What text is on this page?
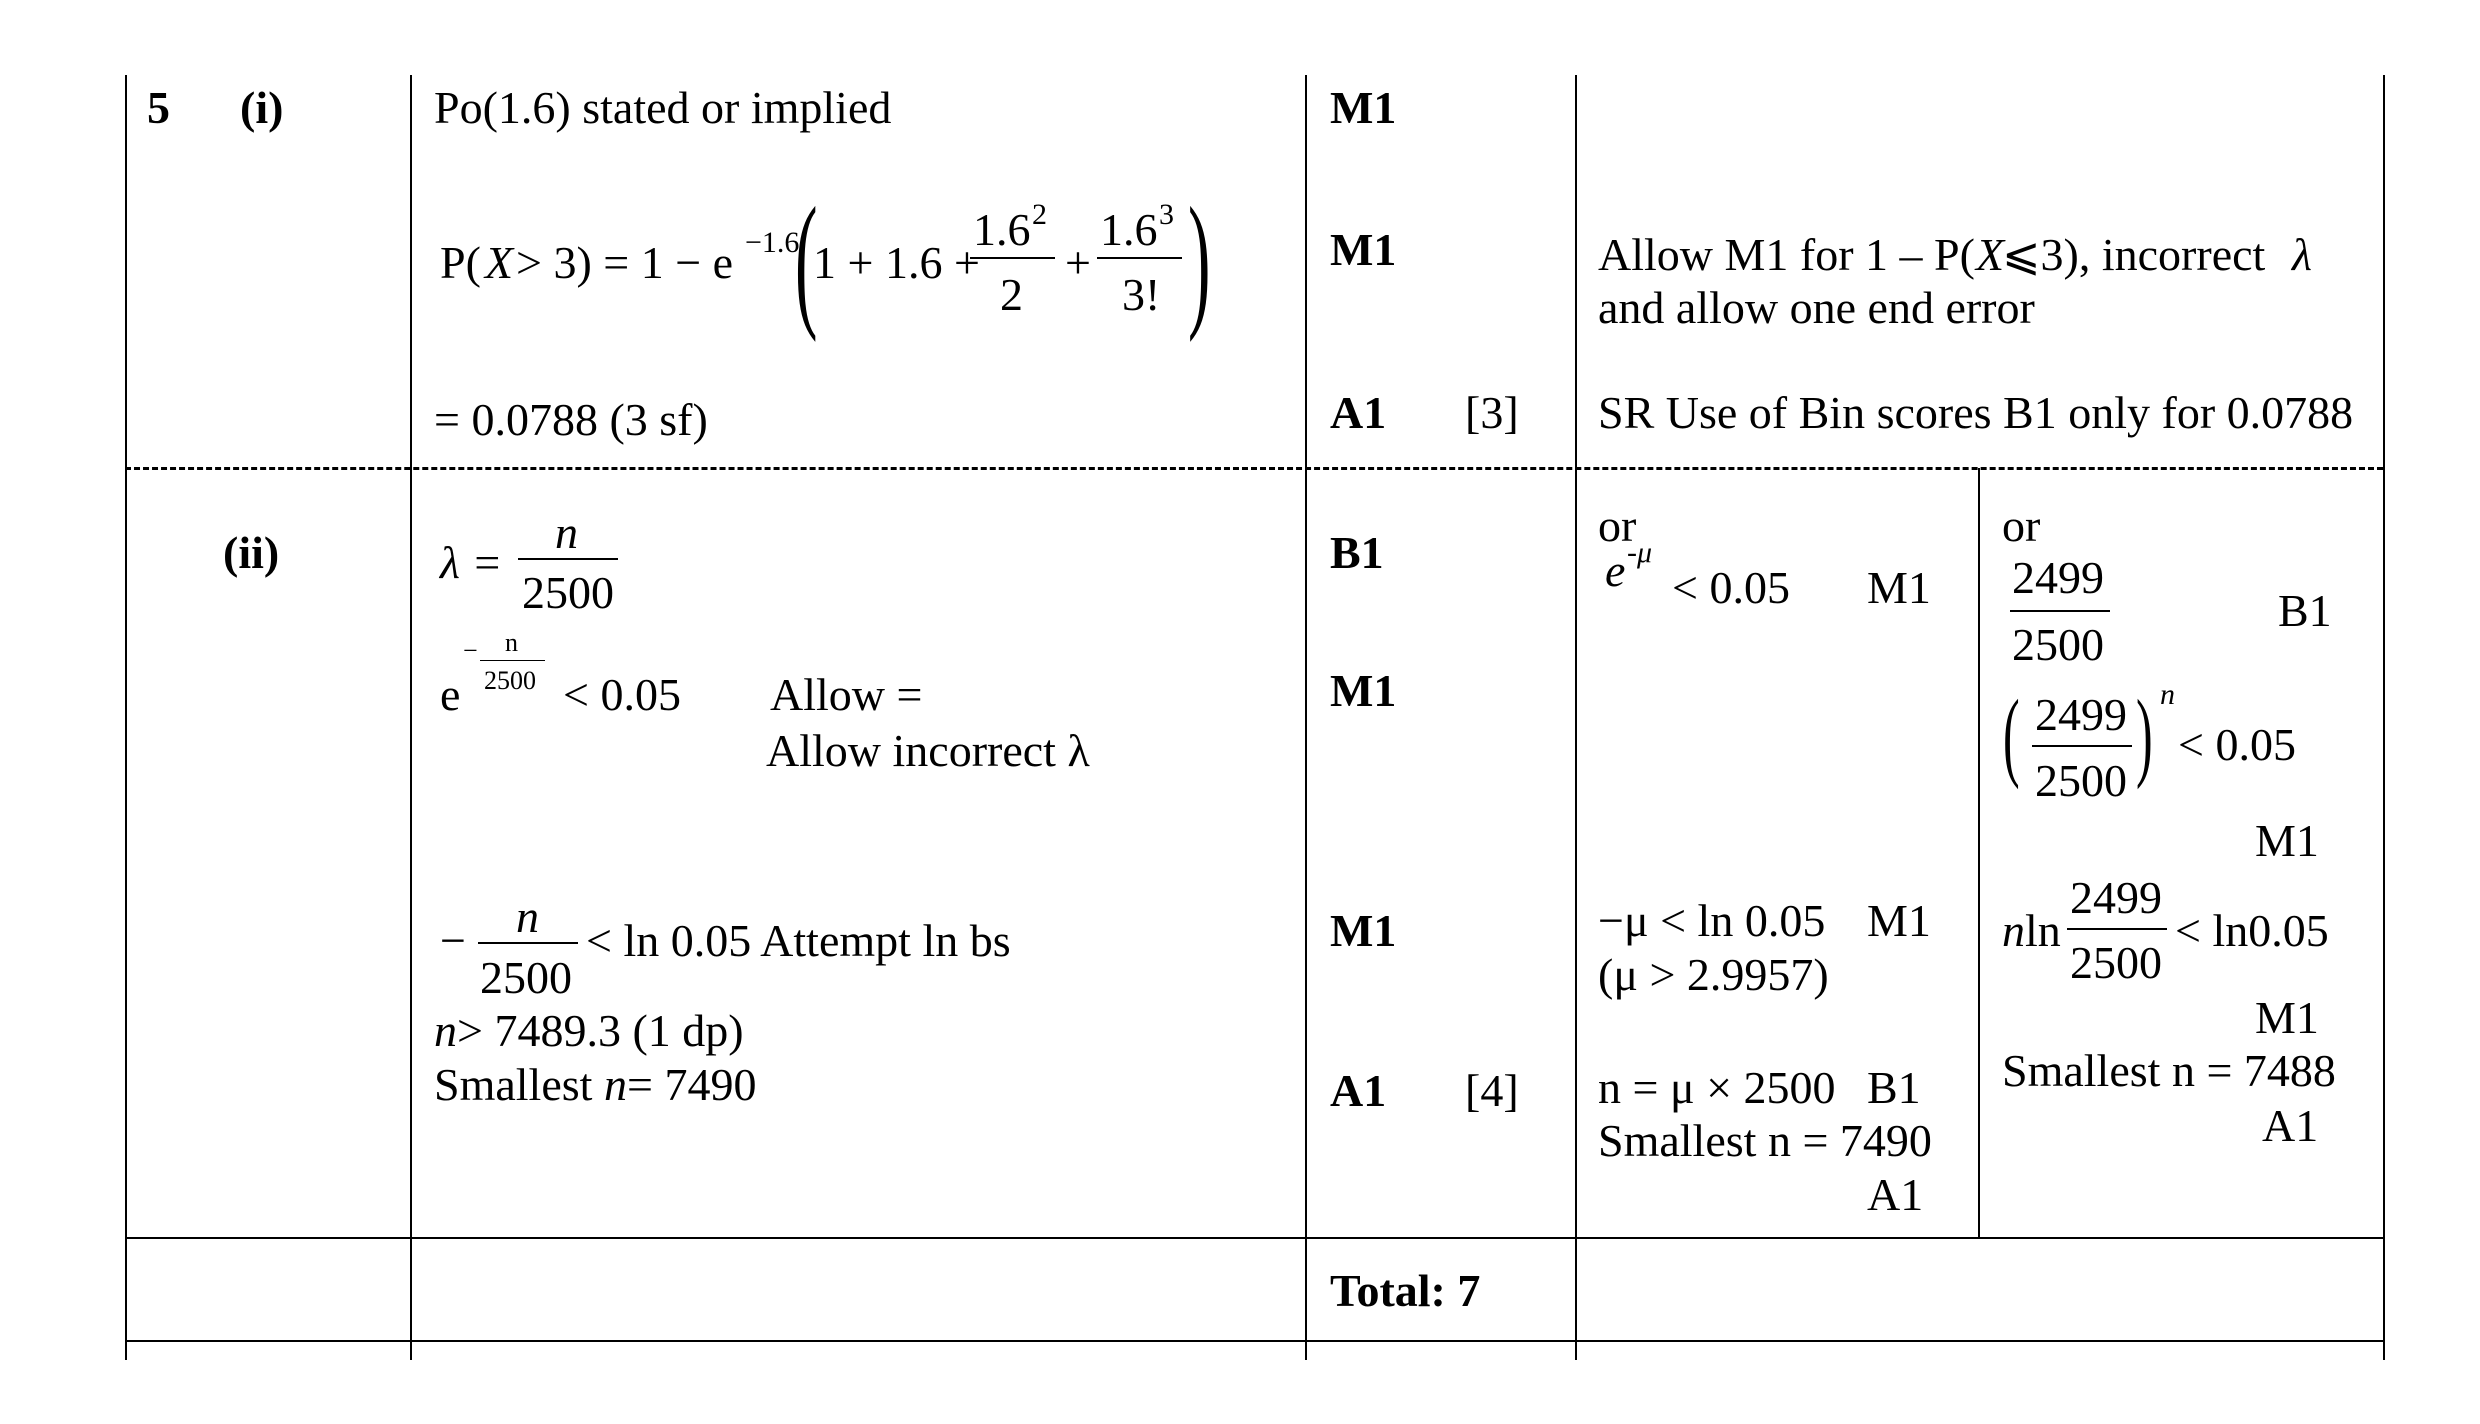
5 (i)	Po(1.6) stated or implied
P( X > 3) = 1 − e −1.6
(
1 + 1.6 +
1.6 2
2
+
1.6 3
3! )
= 0.0788 (3 sf)
M1
M1
A1 [3]
Allow M1 for 1 – P( X
⩽3), incorrect λ
and allow one end error
SR Use of Bin scores B1 only for 0.0788
(ii)	λ =
n
2500
e
− n
2500 < 0.05 Allow =
Allow incorrect λ
− n
2500
< ln 0.05 Attempt ln bs
n > 7489.3 (1 dp)
Smallest n = 7490
B1
M1
M1
A1 [4]
or
e -μ
< 0.05 M1
−μ < ln 0.05 M1
(μ > 2.9957)
n = μ × 2500 B1
Smallest n = 7490
A1
or
2499
2500
B1
( 2499
2500 ) n
< 0.05
M1
n ln
2499
2500
< ln0.05
M1
Smallest n = 7488
A1
Total: 7
